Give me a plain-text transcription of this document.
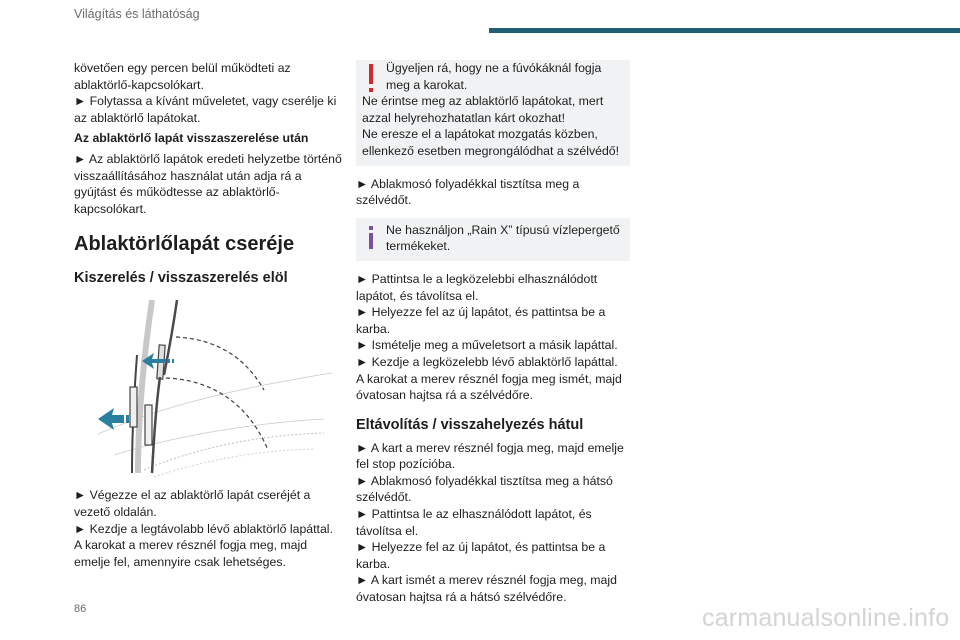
Világítás és láthatóság

követően egy percen belül működteti az ablaktörlő-kapcsolókart.

► Folytassa a kívánt műveletet, vagy cserélje ki az ablaktörlő lapátokat.

Az ablaktörlő lapát visszaszerelése után

► Az ablaktörlő lapátok eredeti helyzetbe történő visszaállításához használat után adja rá a gyújtást és működtesse az ablaktörlő-kapcsolókart.

Ablaktörlőlapát cseréje

Kiszerelés / visszaszerelés elöl

► Végezze el az ablaktörlő lapát cseréjét a vezető oldalán.

► Kezdje a legtávolabb lévő ablaktörlő lapáttal.

A karokat a merev résznél fogja meg, majd emelje fel, amennyire csak lehetséges.

Ügyeljen rá, hogy ne a fúvókáknál fogja meg a karokat.

Ne érintse meg az ablaktörlő lapátokat, mert azzal helyrehozhatatlan kárt okozhat!

Ne eresze el a lapátokat mozgatás közben, ellenkező esetben megrongálódhat a szélvédő!

► Ablakmosó folyadékkal tisztítsa meg a szélvédőt.

Ne használjon „Rain X” típusú vízlepergető termékeket.

► Pattintsa le a legközelebbi elhasználódott lapátot, és távolítsa el.

► Helyezze fel az új lapátot, és pattintsa be a karba.

► Ismételje meg a műveletsort a másik lapáttal.

► Kezdje a legközelebb lévő ablaktörlő lapáttal.

A karokat a merev résznél fogja meg ismét, majd óvatosan hajtsa rá a szélvédőre.

Eltávolítás / visszahelyezés hátul

► A kart a merev résznél fogja meg, majd emelje fel stop pozícióba.

► Ablakmosó folyadékkal tisztítsa meg a hátsó szélvédőt.

► Pattintsa le az elhasználódott lapátot, és távolítsa el.

► Helyezze fel az új lapátot, és pattintsa be a karba.

► A kart ismét a merev résznél fogja meg, majd óvatosan hajtsa rá a hátsó szélvédőre.

86	carmanualsonline.info
